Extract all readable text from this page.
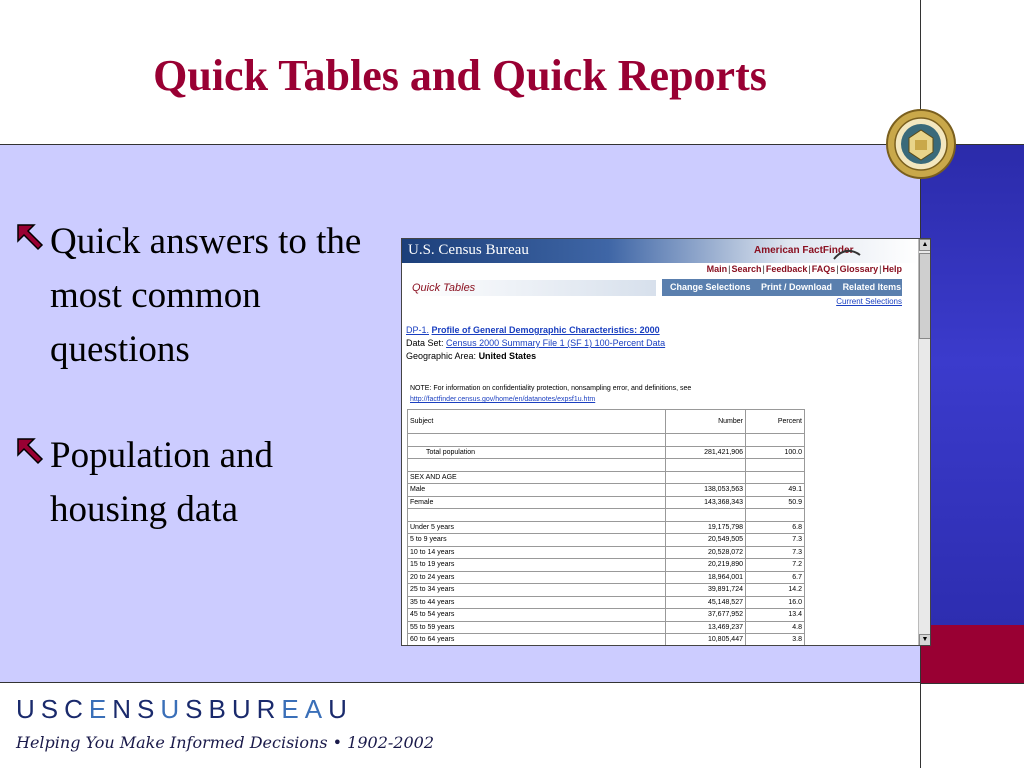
Quick Tables and Quick Reports
Quick answers to the most common questions
Population and housing data
USCENSUSBUREAU
Helping You Make Informed Decisions • 1902-2002
U.S. Census Bureau	American FactFinder
Main|Search|Feedback|FAQs|Glossary|Help
Quick Tables	Change Selections Print / Download Related Items
Current Selections
DP-1. Profile of General Demographic Characteristics: 2000
Data Set: Census 2000 Summary File 1 (SF 1) 100-Percent Data
Geographic Area: United States
NOTE: For information on confidentiality protection, nonsampling error, and definitions, see
http://factfinder.census.gov/home/en/datanotes/expsf1u.htm
Subject	Number	Percent

Total population	281,421,906	100.0

SEX AND AGE		
Male	138,053,563	49.1
Female	143,368,343	50.9

Under 5 years	19,175,798	6.8
5 to 9 years	20,549,505	7.3
10 to 14 years	20,528,072	7.3
15 to 19 years	20,219,890	7.2
20 to 24 years	18,964,001	6.7
25 to 34 years	39,891,724	14.2
35 to 44 years	45,148,527	16.0
45 to 54 years	37,677,952	13.4
55 to 59 years	13,469,237	4.8
60 to 64 years	10,805,447	3.8
▲
▼
